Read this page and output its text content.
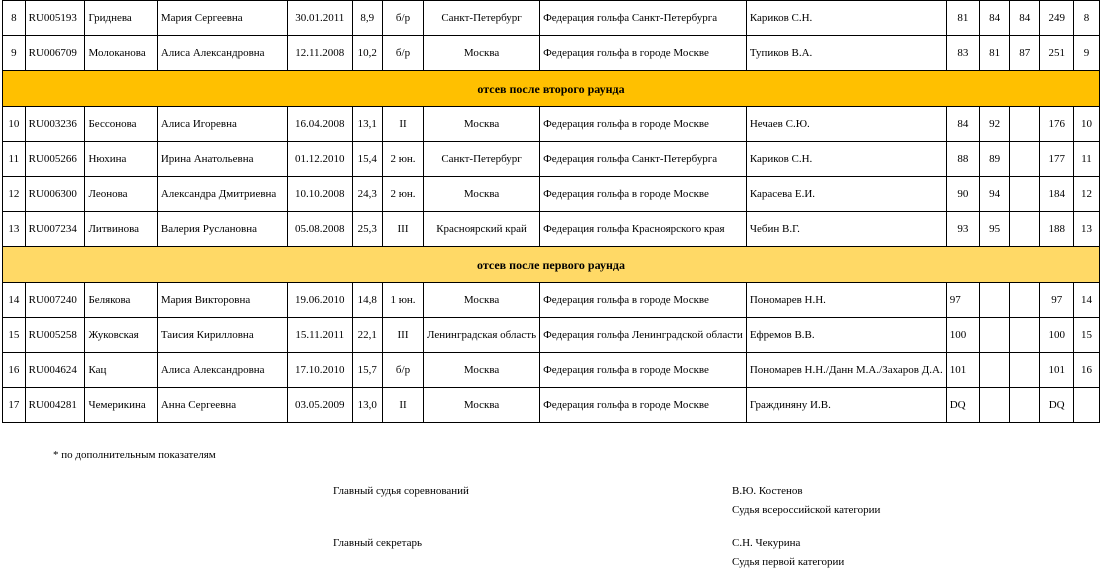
8	RU005193	Гриднева	Мария Сергеевна	30.01.2011	8,9	б/р	Санкт-Петербург	Федерация гольфа Санкт-Петербурга	Кариков С.Н.	81	84	84	249	8
9	RU006709	Молоканова	Алиса Александровна	12.11.2008	10,2	б/р	Москва	Федерация гольфа в городе Москве	Тупиков В.А.	83	81	87	251	9
отсев после второго раунда														
10	RU003236	Бессонова	Алиса Игоревна	16.04.2008	13,1	II	Москва	Федерация гольфа в городе Москве	Нечаев С.Ю.	84	92		176	10
11	RU005266	Нюхина	Ирина Анатольевна	01.12.2010	15,4	2 юн.	Санкт-Петербург	Федерация гольфа Санкт-Петербурга	Кариков С.Н.	88	89		177	11
12	RU006300	Леонова	Александра Дмитриевна	10.10.2008	24,3	2 юн.	Москва	Федерация гольфа в городе Москве	Карасева Е.И.	90	94		184	12
13	RU007234	Литвинова	Валерия Руслановна	05.08.2008	25,3	III	Красноярский край	Федерация гольфа Красноярского края	Чебин В.Г.	93	95		188	13
отсев после первого раунда														
14	RU007240	Белякова	Мария Викторовна	19.06.2010	14,8	1 юн.	Москва	Федерация гольфа в городе Москве	Пономарев Н.Н.	97			97	14
15	RU005258	Жуковская	Таисия Кирилловна	15.11.2011	22,1	III	Ленинградская область	Федерация гольфа Ленинградской области	Ефремов В.В.	100			100	15
16	RU004624	Кац	Алиса Александровна	17.10.2010	15,7	б/р	Москва	Федерация гольфа в городе Москве	Пономарев Н.Н./Данн М.А./Захаров Д.А.	101			101	16
17	RU004281	Чемерикина	Анна Сергеевна	03.05.2009	13,0	II	Москва	Федерация гольфа в городе Москве	Граждиняну И.В.	DQ			DQ	
* по дополнительным показателям
Главный судья соревнований	В.Ю. Костенов
Судья всероссийской категории
Главный секретарь	С.Н. Чекурина
Судья первой категории
